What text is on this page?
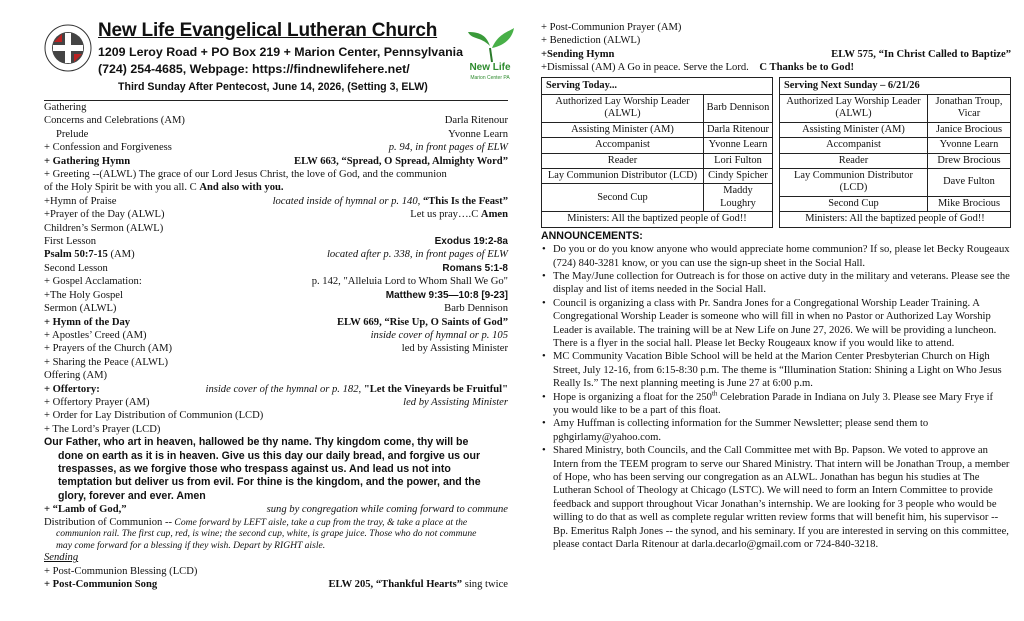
New Life Evangelical Lutheran Church
1209 Leroy Road + PO Box 219 + Marion Center, Pennsylvania
(724) 254-4685, Webpage: https://findnewlifehere.net/
Third Sunday After Pentecost, June 14, 2026, (Setting 3, ELW)
New Life
Marion Center PA
Gathering
Concerns and Celebrations (AM)	Darla Ritenour
Prelude	Yvonne Learn
+ Confession and Forgiveness	p. 94, in front pages of ELW
+ Gathering Hymn	ELW 663, “Spread, O Spread, Almighty Word”
+ Greeting --(ALWL) The grace of our Lord Jesus Christ, the love of God, and the communion
of the Holy Spirit be with you all. C And also with you.
+Hymn of Praise	located inside of hymnal or p. 140, “This Is the Feast”
+Prayer of the Day (ALWL)	Let us pray….C Amen
Children’s Sermon (ALWL)
First Lesson	Exodus 19:2-8a
Psalm 50:7-15 (AM)	located after p. 338, in front pages of ELW
Second Lesson	Romans 5:1-8
+ Gospel Acclamation:	p. 142, "Alleluia Lord to Whom Shall We Go"
+The Holy Gospel	Matthew 9:35—10:8 [9-23]
Sermon (ALWL)	Barb Dennison
+ Hymn of the Day	ELW 669, “Rise Up, O Saints of God”
+ Apostles’ Creed (AM)	inside cover of hymnal or p. 105
+ Prayers of the Church (AM)	led by Assisting Minister
+ Sharing the Peace (ALWL)
Offering (AM)
+ Offertory:	inside cover of the hymnal or p. 182, "Let the Vineyards be Fruitful"
+ Offertory Prayer (AM)	led by Assisting Minister
+ Order for Lay Distribution of Communion (LCD)
+ The Lord’s Prayer (LCD)
Our Father, who art in heaven, hallowed be thy name. Thy kingdom come, thy will be
done on earth as it is in heaven. Give us this day our daily bread, and forgive us our
trespasses, as we forgive those who trespass against us. And lead us not into
temptation but deliver us from evil. For thine is the kingdom, and the power, and the
glory, forever and ever. Amen
+ “Lamb of God,”	sung by congregation while coming forward to commune
Distribution of Communion -- Come forward by LEFT aisle, take a cup from the tray, & take a place at the
communion rail. The first cup, red, is wine; the second cup, white, is grape juice. Those who do not commune
may come forward for a blessing if they wish. Depart by RIGHT aisle.
Sending
+ Post-Communion Blessing (LCD)
+ Post-Communion Song	ELW 205, “Thankful Hearts” sing twice
+ Post-Communion Prayer (AM)
+ Benediction (ALWL)
+Sending Hymn	ELW 575, “In Christ Called to Baptize”
+Dismissal (AM) A Go in peace. Serve the Lord. C Thanks be to God!
Serving Today...	
Authorized Lay Worship Leader (ALWL)	Barb Dennison
Assisting Minister (AM)	Darla Ritenour
Accompanist	Yvonne Learn
Reader	Lori Fulton
Lay Communion Distributor (LCD)	Cindy Spicher
Second Cup	Maddy Loughry
Ministers: All the baptized people of God!!	
Serving Next Sunday – 6/21/26	
Authorized Lay Worship Leader (ALWL)	Jonathan Troup, Vicar
Assisting Minister (AM)	Janice Brocious
Accompanist	Yvonne Learn
Reader	Drew Brocious
Lay Communion Distributor (LCD)	Dave Fulton
Second Cup	Mike Brocious
Ministers: All the baptized people of God!!	
ANNOUNCEMENTS:
• Do you or do you know anyone who would appreciate home communion? If so, please let Becky Rougeaux (724) 840-3281 know, or you can use the sign-up sheet in the Social Hall.
• The May/June collection for Outreach is for those on active duty in the military and veterans. Please see the display and list of items needed in the Social Hall.
• Council is organizing a class with Pr. Sandra Jones for a Congregational Worship Leader Training. A Congregational Worship Leader is someone who will fill in when no Pastor or Authorized Lay Worship Leader is available. The training will be at New Life on June 27, 2026. We will be providing a luncheon. There is a flyer in the social hall. Please let Becky Rougeaux know if you would like to attend.
• MC Community Vacation Bible School will be held at the Marion Center Presbyterian Church on High Street, July 12-16, from 6:15-8:30 p.m. The theme is “Illumination Station: Shining a Light on Who Jesus Really Is.” The next planning meeting is June 27 at 6:00 p.m.
• Hope is organizing a float for the 250th Celebration Parade in Indiana on July 3. Please see Mary Frye if you would like to be a part of this float.
• Amy Huffman is collecting information for the Summer Newsletter; please send them to pghgirlamy@yahoo.com.
• Shared Ministry, both Councils, and the Call Committee met with Bp. Papson. We voted to approve an Intern from the TEEM program to serve our Shared Ministry. That intern will be Jonathan Troup, a member of Hope, who has been serving our congregation as an ALWL. Jonathan has begun his studies at The Lutheran School of Theology at Chicago (LSTC). We will need to form an Intern Committee to provide feedback and support throughout Vicar Jonathan’s internship. We are looking for 3 people who would be willing to do that as well as complete regular written review forms that will benefit him, his supervisor -- Bp. Emeritus Ralph Jones -- the synod, and his seminary. If you are interested in serving on this committee, please contact Darla Ritenour at darla.decarlo@gmail.com or 724-840-3218.
